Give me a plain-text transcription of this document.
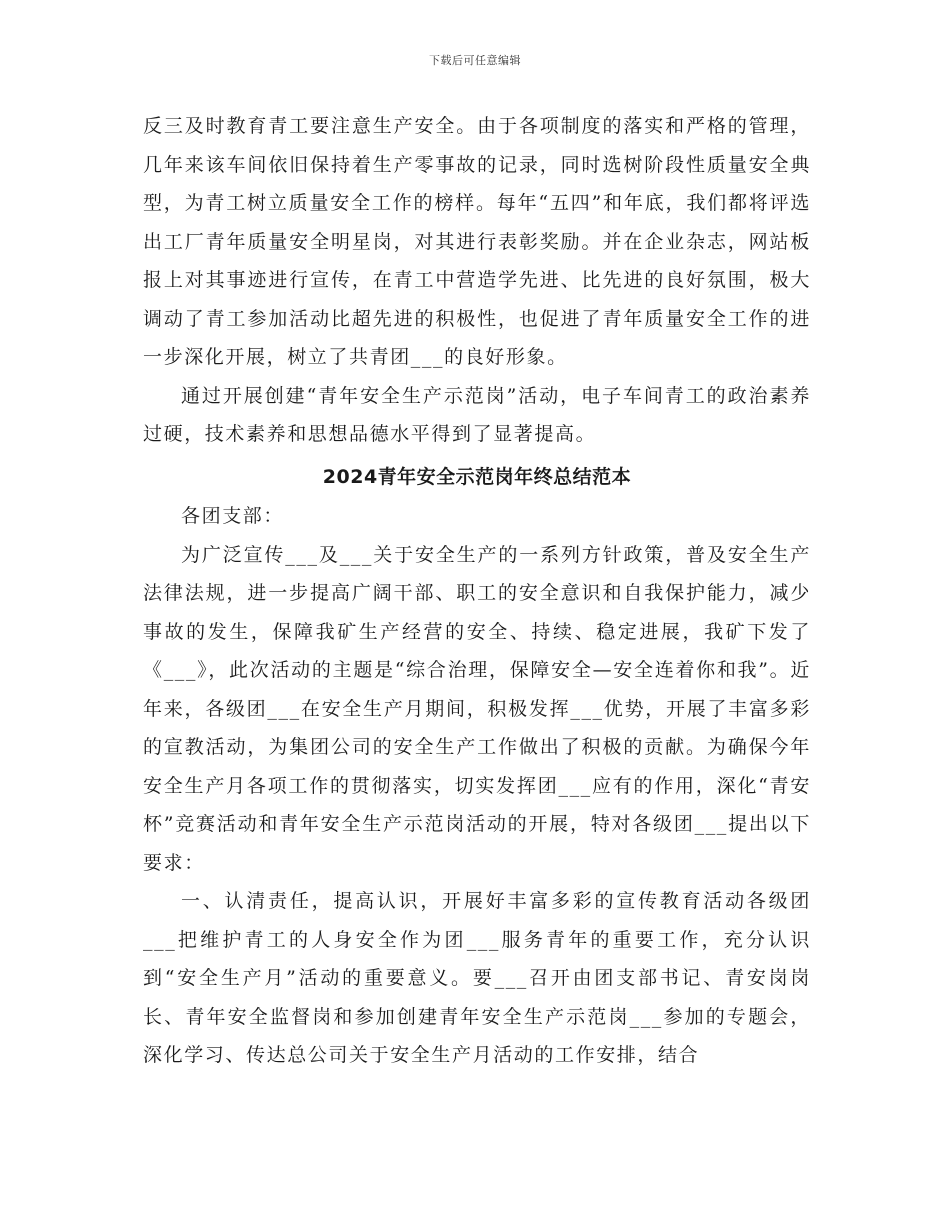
下载后可任意编辑

反三及时教育青工要注意生产安全。由于各项制度的落实和严格的管理，几年来该车间依旧保持着生产零事故的记录，同时选树阶段性质量安全典型，为青工树立质量安全工作的榜样。每年“五四”和年底，我们都将评选出工厂青年质量安全明星岗，对其进行表彰奖励。并在企业杂志，网站板报上对其事迹进行宣传，在青工中营造学先进、比先进的良好氛围，极大调动了青工参加活动比超先进的积极性，也促进了青年质量安全工作的进一步深化开展，树立了共青团___的良好形象。

通过开展创建“青年安全生产示范岗”活动，电子车间青工的政治素养过硬，技术素养和思想品德水平得到了显著提高。

2024青年安全示范岗年终总结范本

各团支部：

为广泛宣传___及___关于安全生产的一系列方针政策，普及安全生产法律法规，进一步提高广阔干部、职工的安全意识和自我保护能力，减少事故的发生，保障我矿生产经营的安全、持续、稳定进展，我矿下发了《___》，此次活动的主题是“综合治理，保障安全—安全连着你和我”。近年来，各级团___在安全生产月期间，积极发挥___优势，开展了丰富多彩的宣教活动，为集团公司的安全生产工作做出了积极的贡献。为确保今年安全生产月各项工作的贯彻落实，切实发挥团___应有的作用，深化“青安杯”竞赛活动和青年安全生产示范岗活动的开展，特对各级团___提出以下要求：

一、认清责任，提高认识，开展好丰富多彩的宣传教育活动各级团___把维护青工的人身安全作为团___服务青年的重要工作，充分认识到“安全生产月”活动的重要意义。要___召开由团支部书记、青安岗岗长、青年安全监督岗和参加创建青年安全生产示范岗___参加的专题会，深化学习、传达总公司关于安全生产月活动的工作安排，结合
